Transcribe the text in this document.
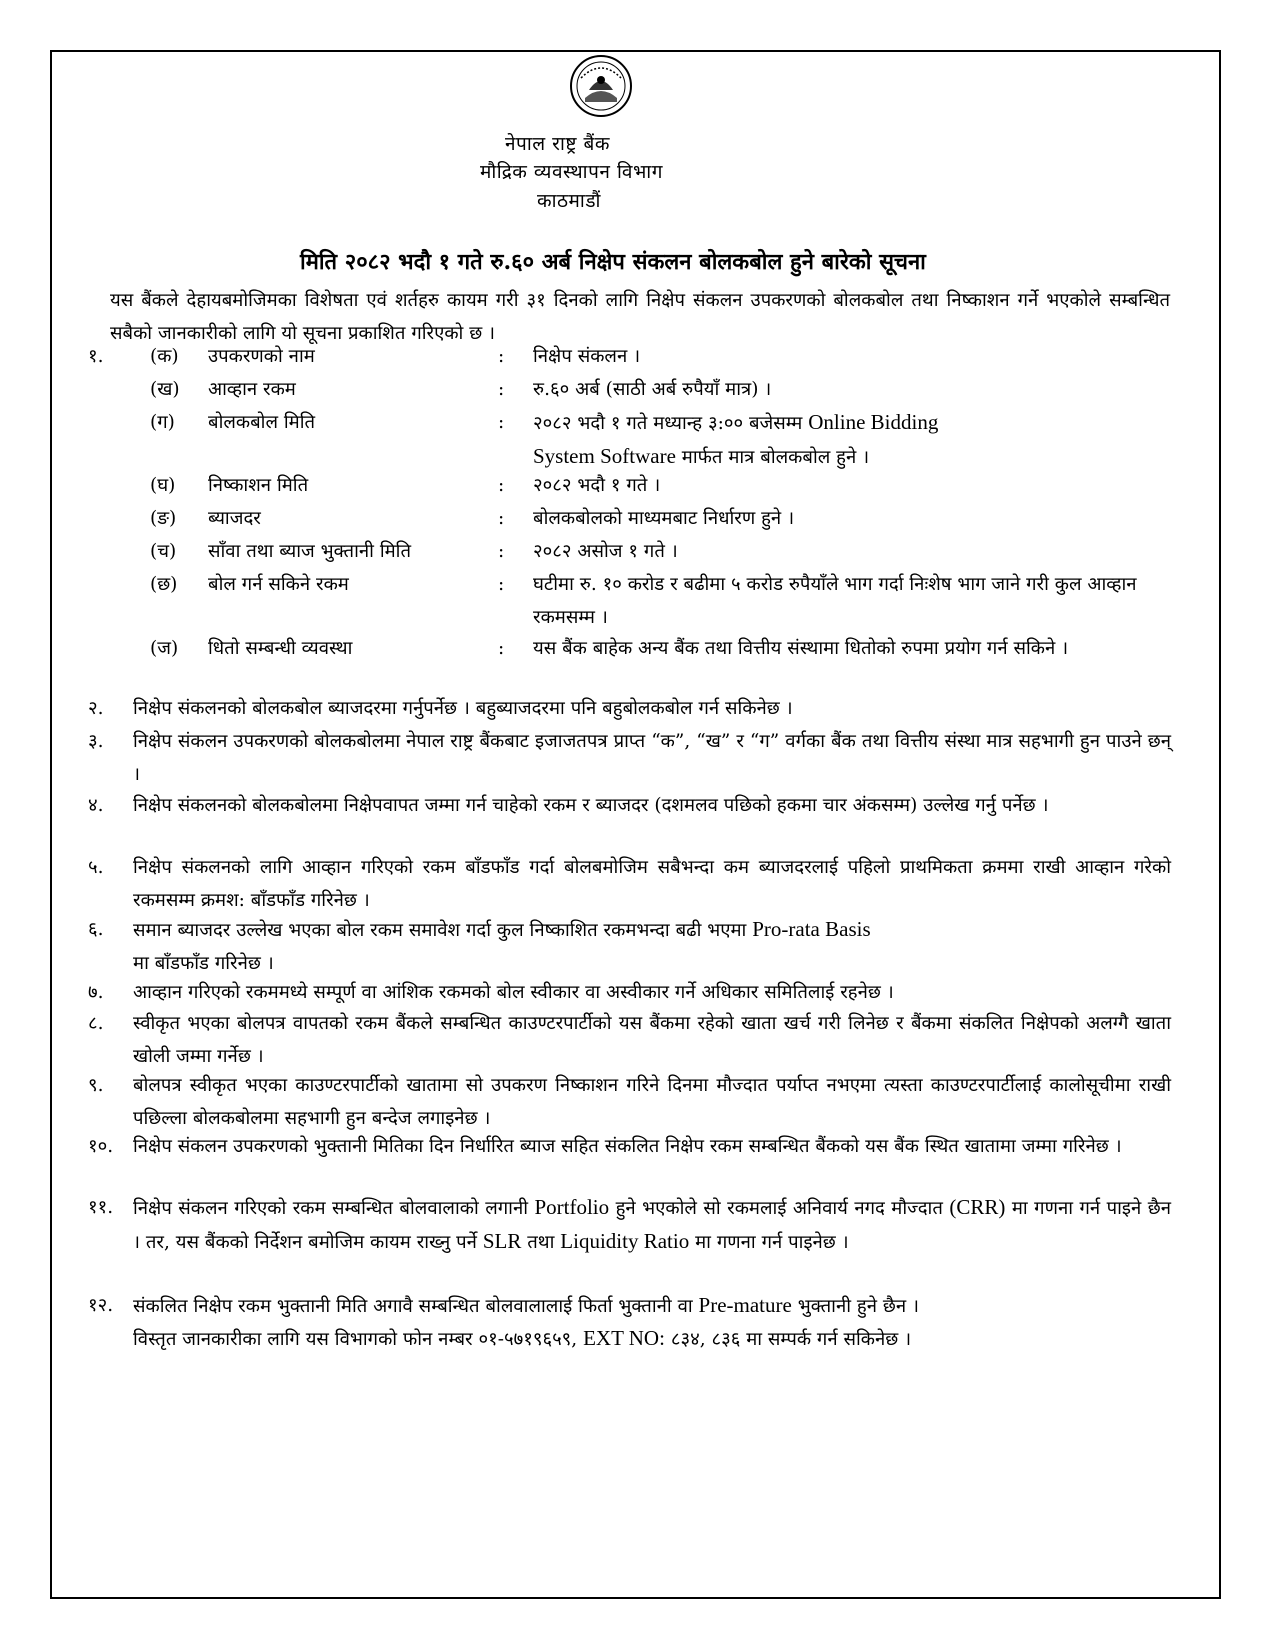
नेपाल राष्ट्र बैंक
मौद्रिक व्यवस्थापन विभाग
काठमाडौं
मिति २०८२ भदौ १ गते रु.६० अर्ब निक्षेप संकलन बोलकबोल हुने बारेको सूचना
यस बैंकले देहायबमोजिमका विशेषता एवं शर्तहरु कायम गरी ३१ दिनको लागि निक्षेप संकलन उपकरणको बोलकबोल तथा निष्काशन गर्ने भएकोले सम्बन्धित सबैको जानकारीको लागि यो सूचना प्रकाशित गरिएको छ ।
१.	(क)	उपकरणको नाम	: निक्षेप संकलन ।
(ख)	आव्हान रकम	: रु.६० अर्ब (साठी अर्ब रुपैयाँ मात्र) ।
(ग)	बोलकबोल मिति	: २०८२ भदौ १ गते मध्यान्ह ३:०० बजेसम्म Online Bidding
System Software मार्फत मात्र बोलकबोल हुने ।
(घ)	निष्काशन मिति	: २०८२ भदौ १ गते ।
(ङ)	ब्याजदर	: बोलकबोलको माध्यमबाट निर्धारण हुने ।
(च)	साँवा तथा ब्याज भुक्तानी मिति	: २०८२ असोज १ गते ।
(छ)	बोल गर्न सकिने रकम	: घटीमा रु. १० करोड र बढीमा ५ करोड रुपैयाँले भाग गर्दा निःशेष भाग जाने गरी कुल आव्हान रकमसम्म ।
(ज)	धितो सम्बन्धी व्यवस्था	: यस बैंक बाहेक अन्य बैंक तथा वित्तीय संस्थामा धितोको रुपमा प्रयोग गर्न सकिने ।
२. निक्षेप संकलनको बोलकबोल ब्याजदरमा गर्नुपर्नेछ । बहुब्याजदरमा पनि बहुबोलकबोल गर्न सकिनेछ ।
३. निक्षेप संकलन उपकरणको बोलकबोलमा नेपाल राष्ट्र बैंकबाट इजाजतपत्र प्राप्त “क”, “ख” र “ग” वर्गका बैंक तथा वित्तीय संस्था मात्र सहभागी हुन पाउने छन् ।
४. निक्षेप संकलनको बोलकबोलमा निक्षेपवापत जम्मा गर्न चाहेको रकम र ब्याजदर (दशमलव पछिको हकमा चार अंकसम्म) उल्लेख गर्नु पर्नेछ ।
५. निक्षेप संकलनको लागि आव्हान गरिएको रकम बाँडफाँड गर्दा बोलबमोजिम सबैभन्दा कम ब्याजदरलाई पहिलो प्राथमिकता क्रममा राखी आव्हान गरेको रकमसम्म क्रमश: बाँडफाँड गरिनेछ ।
६. समान ब्याजदर उल्लेख भएका बोल रकम समावेश गर्दा कुल निष्काशित रकमभन्दा बढी भएमा Pro-rata Basis
मा बाँडफाँड गरिनेछ ।
७. आव्हान गरिएको रकममध्ये सम्पूर्ण वा आंशिक रकमको बोल स्वीकार वा अस्वीकार गर्ने अधिकार समितिलाई रहनेछ ।
८. स्वीकृत भएका बोलपत्र वापतको रकम बैंकले सम्बन्धित काउण्टरपार्टीको यस बैंकमा रहेको खाता खर्च गरी लिनेछ र बैंकमा संकलित निक्षेपको अलग्गै खाता खोली जम्मा गर्नेछ ।
९. बोलपत्र स्वीकृत भएका काउण्टरपार्टीको खातामा सो उपकरण निष्काशन गरिने दिनमा मौज्दात पर्याप्त नभएमा त्यस्ता काउण्टरपार्टीलाई कालोसूचीमा राखी पछिल्ला बोलकबोलमा सहभागी हुन बन्देज लगाइनेछ ।
१०. निक्षेप संकलन उपकरणको भुक्तानी मितिका दिन निर्धारित ब्याज सहित संकलित निक्षेप रकम सम्बन्धित बैंकको यस बैंक स्थित खातामा जम्मा गरिनेछ ।
११. निक्षेप संकलन गरिएको रकम सम्बन्धित बोलवालाको लगानी Portfolio हुने भएकोले सो रकमलाई अनिवार्य नगद मौज्दात (CRR) मा गणना गर्न पाइने छैन । तर, यस बैंकको निर्देशन बमोजिम कायम राख्नु पर्ने SLR तथा Liquidity Ratio मा गणना गर्न पाइनेछ ।
१२. संकलित निक्षेप रकम भुक्तानी मिति अगावै सम्बन्धित बोलवालालाई फिर्ता भुक्तानी वा Pre-mature भुक्तानी हुने छैन ।
विस्तृत जानकारीका लागि यस विभागको फोन नम्बर ०१-५७१९६५९, EXT NO: ८३४, ८३६ मा सम्पर्क गर्न सकिनेछ ।
